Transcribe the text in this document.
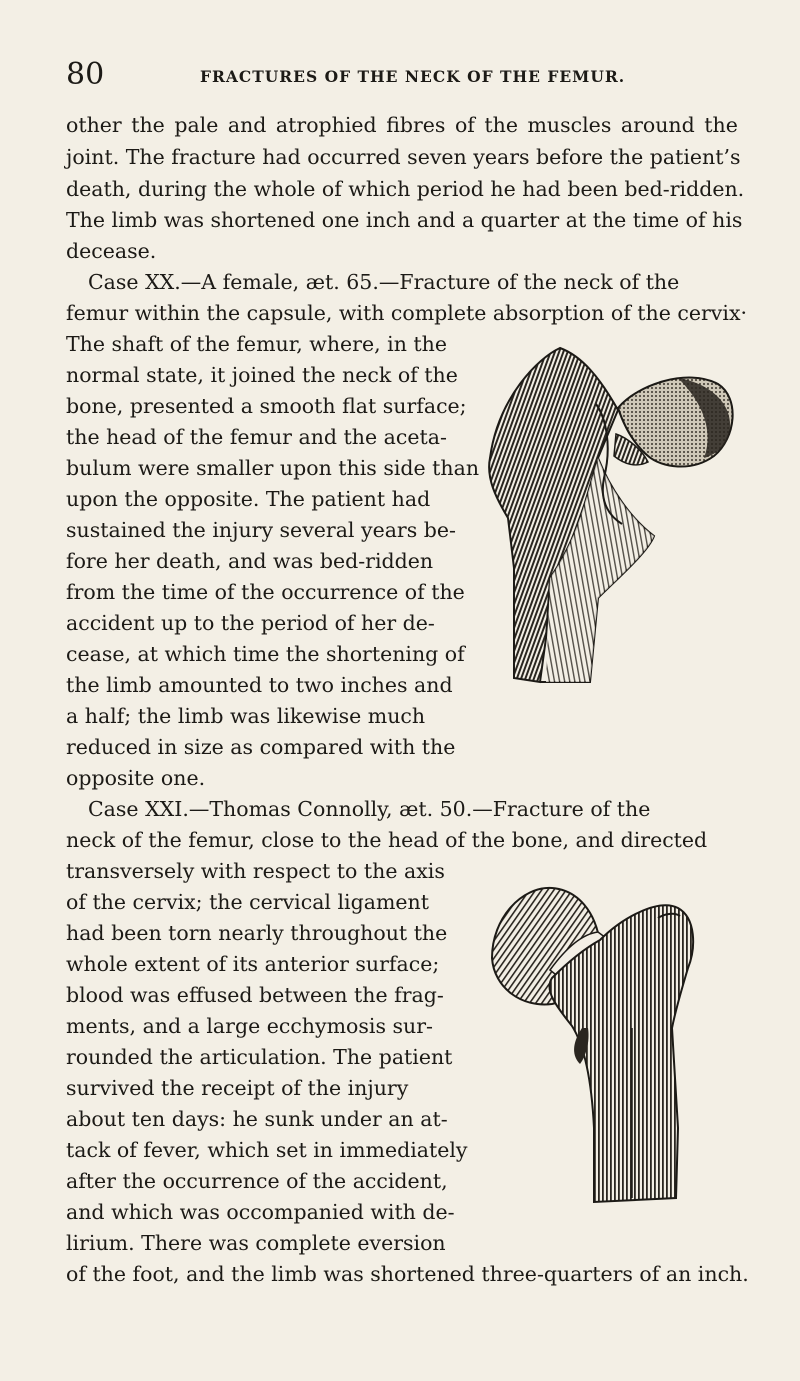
80	FRACTURES OF THE NECK OF THE FEMUR.
other the pale and atrophied fibres of the muscles around the
joint. The fracture had occurred seven years before the patient’s
death, during the whole of which period he had been bed-ridden.
The limb was shortened one inch and a quarter at the time of his
decease.
Case XX.—A female, æt. 65.—Fracture of the neck of the
femur within the capsule, with complete absorption of the cervix·
The shaft of the femur, where, in the
normal state, it joined the neck of the
bone, presented a smooth flat surface;
the head of the femur and the aceta-
bulum were smaller upon this side than
upon the opposite. The patient had
sustained the injury several years be-
fore her death, and was bed-ridden
from the time of the occurrence of the
accident up to the period of her de-
cease, at which time the shortening of
the limb amounted to two inches and
a half; the limb was likewise much
reduced in size as compared with the
opposite one.
Case XXI.—Thomas Connolly, æt. 50.—Fracture of the
neck of the femur, close to the head of the bone, and directed
transversely with respect to the axis
of the cervix; the cervical ligament
had been torn nearly throughout the
whole extent of its anterior surface;
blood was effused between the frag-
ments, and a large ecchymosis sur-
rounded the articulation. The patient
survived the receipt of the injury
about ten days: he sunk under an at-
tack of fever, which set in immediately
after the occurrence of the accident,
and which was occompanied with de-
lirium. There was complete eversion
of the foot, and the limb was shortened three-quarters of an inch.
